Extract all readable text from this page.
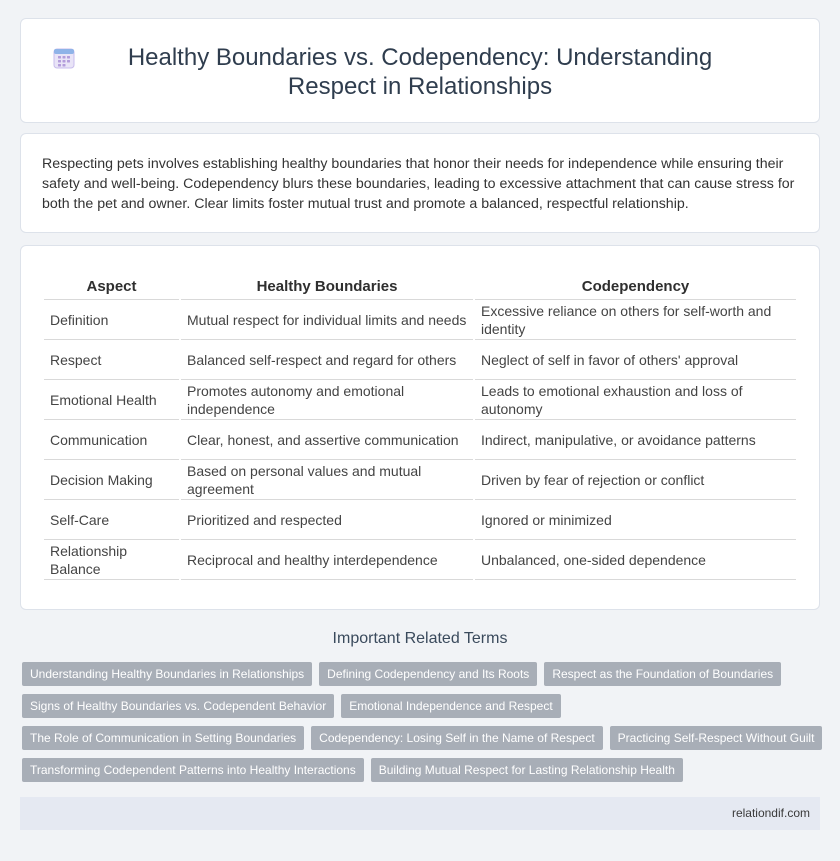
Healthy Boundaries vs. Codependency: Understanding Respect in Relationships

Respecting pets involves establishing healthy boundaries that honor their needs for independence while ensuring their safety and well-being. Codependency blurs these boundaries, leading to excessive attachment that can cause stress for both the pet and owner. Clear limits foster mutual trust and promote a balanced, respectful relationship.

Aspect	Healthy Boundaries	Codependency
Definition	Mutual respect for individual limits and needs	Excessive reliance on others for self-worth and identity
Respect	Balanced self-respect and regard for others	Neglect of self in favor of others' approval
Emotional Health	Promotes autonomy and emotional independence	Leads to emotional exhaustion and loss of autonomy
Communication	Clear, honest, and assertive communication	Indirect, manipulative, or avoidance patterns
Decision Making	Based on personal values and mutual agreement	Driven by fear of rejection or conflict
Self-Care	Prioritized and respected	Ignored or minimized
Relationship Balance	Reciprocal and healthy interdependence	Unbalanced, one-sided dependence
Important Related Terms
Understanding Healthy Boundaries in Relationships	Defining Codependency and Its Roots	Respect as the Foundation of Boundaries
Signs of Healthy Boundaries vs. Codependent Behavior	Emotional Independence and Respect
The Role of Communication in Setting Boundaries	Codependency: Losing Self in the Name of Respect	Practicing Self-Respect Without Guilt
Transforming Codependent Patterns into Healthy Interactions	Building Mutual Respect for Lasting Relationship Health
relationdif.com
